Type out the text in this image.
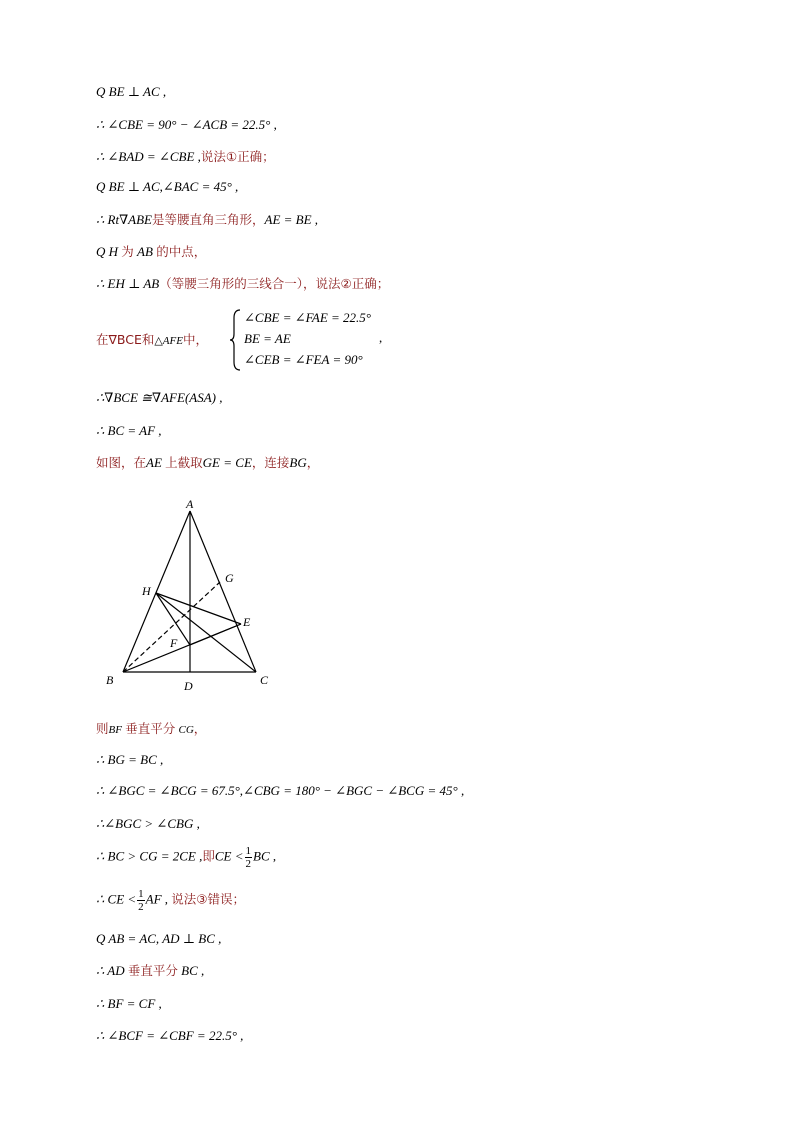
Q BE ⊥ AC ,
∴ ∠CBE = 90° − ∠ACB = 22.5° ,
∴ ∠BAD = ∠CBE ,说法①正确；
Q BE ⊥ AC,∠BAC = 45° ,
∴ Rt∇ABE是等腰直角三角形，AE = BE ,
Q H 为 AB 的中点，
∴ EH ⊥ AB（等腰三角形的三线合一），说法②正确；
在∇BCE和△AFE中，
∠CBE = ∠FAE = 22.5°
BE = AE
∠CEB = ∠FEA = 90°
,
∴∇BCE ≅∇AFE(ASA) ,
∴ BC = AF ,
如图，在AE 上截取GE = CE，连接BG，
A
B	C
D
E
F
G
H
则BF 垂直平分 CG，
∴ BG = BC ,
∴ ∠BGC = ∠BCG = 67.5°,∠CBG = 180° − ∠BGC − ∠BCG = 45° ,
∴∠BGC > ∠CBG ,
∴ BC > CG = 2CE ,即CE < $\frac{1}{2}$ BC ,
∴ CE < $\frac{1}{2}$ AF , 说法③错误；
Q AB = AC, AD ⊥ BC ,
∴ AD 垂直平分 BC ,
∴ BF = CF ,
∴ ∠BCF = ∠CBF = 22.5° ,
